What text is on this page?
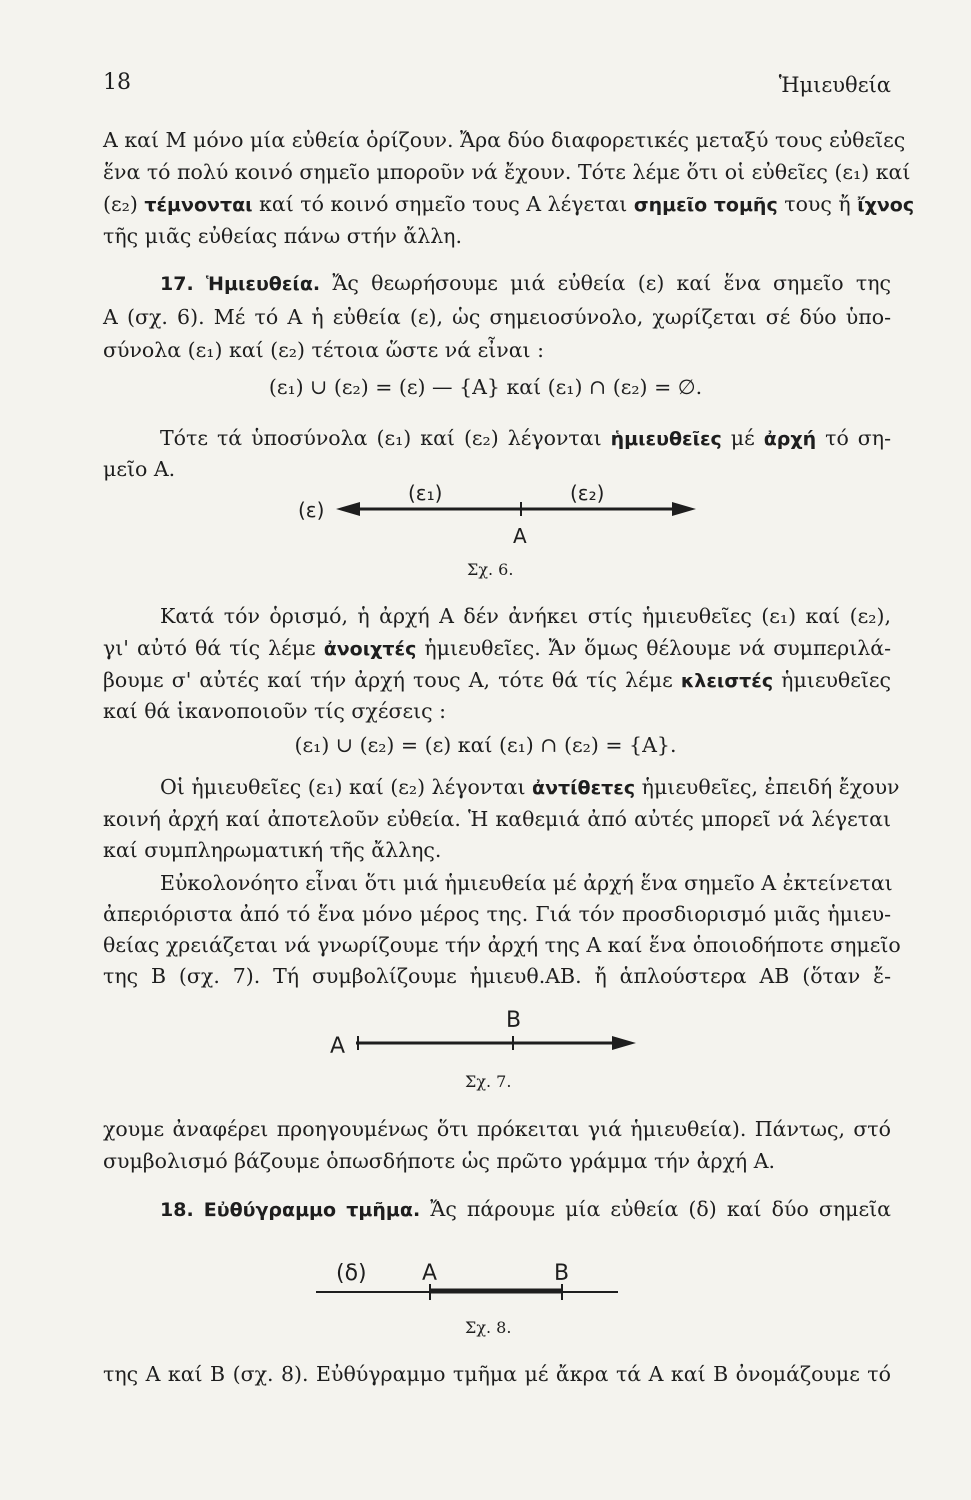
18	Ἡμιευθεία
Α καί Μ μόνο μία εὐθεία ὁρίζουν. Ἄρα δύο διαφορετικές μεταξύ τους εὐθεῖες
ἕνα τό πολύ κοινό σημεῖο μποροῦν νά ἔχουν. Τότε λέμε ὅτι οἱ εὐθεῖες (ε₁) καί
(ε₂) τέμνονται καί τό κοινό σημεῖο τους Α λέγεται σημεῖο τομῆς τους ἤ ἴχνος
τῆς μιᾶς εὐθείας πάνω στήν ἄλλη.
17. Ἡμιευθεία. Ἄς θεωρήσουμε μιά εὐθεία (ε) καί ἕνα σημεῖο της
Α (σχ. 6). Μέ τό Α ἡ εὐθεία (ε), ὡς σημειοσύνολο, χωρίζεται σέ δύο ὑπο-
σύνολα (ε₁) καί (ε₂) τέτοια ὥστε νά εἶναι :
(ε₁) ∪ (ε₂) = (ε) — {Α} καί (ε₁) ∩ (ε₂) = ∅.
Τότε τά ὑποσύνολα (ε₁) καί (ε₂) λέγονται ἡμιευθεῖες μέ ἀρχή τό ση-
μεῖο Α.
(ε)
(ε₁)	(ε₂)
Α
Σχ. 6.
Κατά τόν ὁρισμό, ἡ ἀρχή Α δέν ἀνήκει στίς ἡμιευθεῖες (ε₁) καί (ε₂),
γι' αὐτό θά τίς λέμε ἀνοιχτές ἡμιευθεῖες. Ἄν ὅμως θέλουμε νά συμπεριλά-
βουμε σ' αὐτές καί τήν ἀρχή τους Α, τότε θά τίς λέμε κλειστές ἡμιευθεῖες
καί θά ἱκανοποιοῦν τίς σχέσεις :
(ε₁) ∪ (ε₂) = (ε) καί (ε₁) ∩ (ε₂) = {Α}.
Οἱ ἡμιευθεῖες (ε₁) καί (ε₂) λέγονται ἀντίθετες ἡμιευθεῖες, ἐπειδή ἔχουν
κοινή ἀρχή καί ἀποτελοῦν εὐθεία. Ἡ καθεμιά ἀπό αὐτές μπορεῖ νά λέγεται
καί συμπληρωματική τῆς ἄλλης.
Εὐκολονόητο εἶναι ὅτι μιά ἡμιευθεία μέ ἀρχή ἕνα σημεῖο Α ἐκτείνεται
ἀπεριόριστα ἀπό τό ἕνα μόνο μέρος της. Γιά τόν προσδιορισμό μιᾶς ἡμιευ-
θείας χρειάζεται νά γνωρίζουμε τήν ἀρχή της Α καί ἕνα ὁποιοδήποτε σημεῖο
της Β (σχ. 7). Τή συμβολίζουμε ἡμιευθ.ΑΒ. ἤ ἁπλούστερα ΑΒ (ὅταν ἔ-
Α
Β
Σχ. 7.
χουμε ἀναφέρει προηγουμένως ὅτι πρόκειται γιά ἡμιευθεία). Πάντως, στό
συμβολισμό βάζουμε ὁπωσδήποτε ὡς πρῶτο γράμμα τήν ἀρχή Α.
18. Εὐθύγραμμο τμῆμα. Ἄς πάρουμε μία εὐθεία (δ) καί δύο σημεῖα
(δ)	Α	Β
Σχ. 8.
της Α καί Β (σχ. 8). Εὐθύγραμμο τμῆμα μέ ἄκρα τά Α καί Β ὀνομάζουμε τό
